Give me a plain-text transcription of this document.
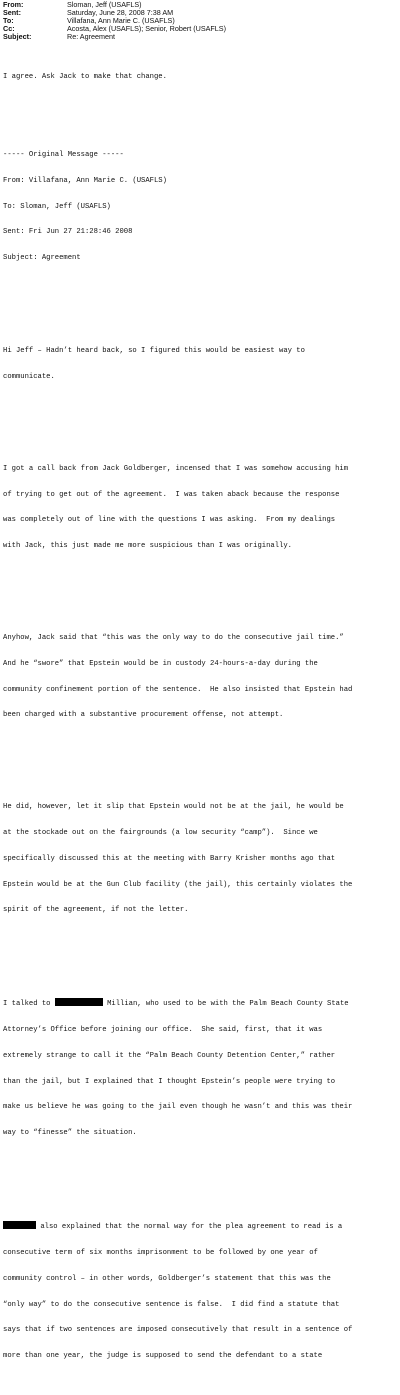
From:	Sloman, Jeff (USAFLS)
Sent:	Saturday, June 28, 2008 7:38 AM
To:	Villafana, Ann Marie C. (USAFLS)
Cc:	Acosta, Alex (USAFLS); Senior, Robert (USAFLS)
Subject:	Re: Agreement

I agree. Ask Jack to make that change.

----- Original Message -----

From: Villafana, Ann Marie C. (USAFLS)

To: Sloman, Jeff (USAFLS)

Sent: Fri Jun 27 21:28:46 2008

Subject: Agreement

Hi Jeff – Hadn’t heard back, so I figured this would be easiest way to

communicate.

I got a call back from Jack Goldberger, incensed that I was somehow accusing him

of trying to get out of the agreement.  I was taken aback because the response

was completely out of line with the questions I was asking.  From my dealings

with Jack, this just made me more suspicious than I was originally.

Anyhow, Jack said that “this was the only way to do the consecutive jail time.”

And he “swore” that Epstein would be in custody 24-hours-a-day during the

community confinement portion of the sentence.  He also insisted that Epstein had

been charged with a substantive procurement offense, not attempt.

He did, however, let it slip that Epstein would not be at the jail, he would be

at the stockade out on the fairgrounds (a low security “camp”).  Since we

specifically discussed this at the meeting with Barry Krisher months ago that

Epstein would be at the Gun Club facility (the jail), this certainly violates the

spirit of the agreement, if not the letter.

I talked to	Millian, who used to be with the Palm Beach County State

Attorney’s Office before joining our office.  She said, first, that it was

extremely strange to call it the “Palm Beach County Detention Center,” rather

than the jail, but I explained that I thought Epstein’s people were trying to

make us believe he was going to the jail even though he wasn’t and this was their

way to “finesse” the situation.

also explained that the normal way for the plea agreement to read is a

consecutive term of six months imprisonment to be followed by one year of

community control – in other words, Goldberger’s statement that this was the

“only way” to do the consecutive sentence is false.  I did find a statute that

says that if two sentences are imposed consecutively that result in a sentence of

more than one year, the judge is supposed to send the defendant to a state
